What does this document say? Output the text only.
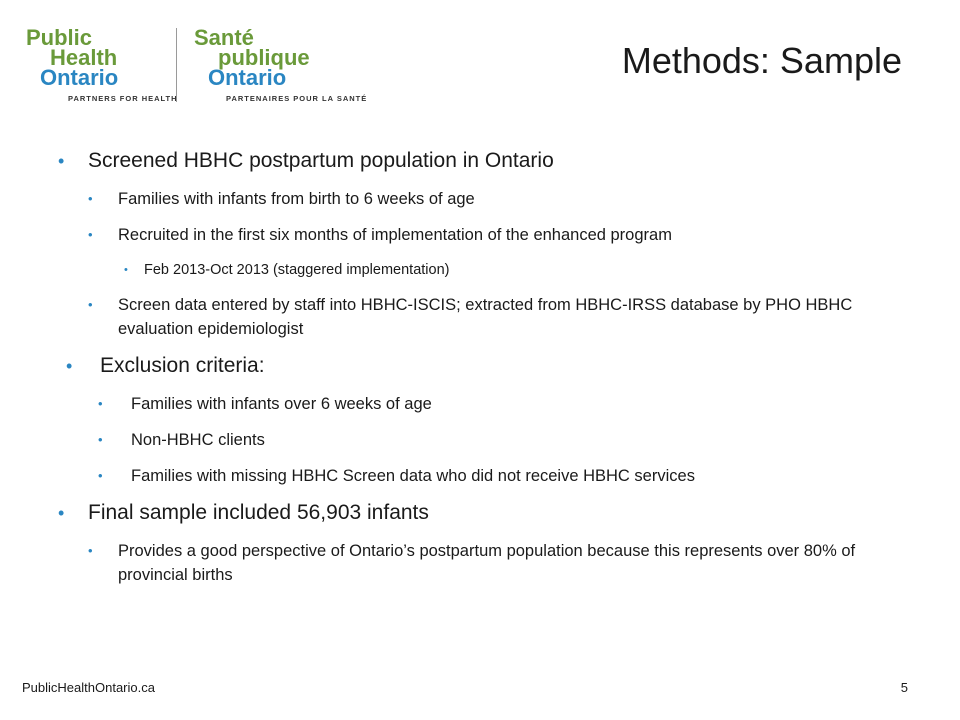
Public
Health
Ontario
Santé
publique
Ontario
PARTNERS FOR HEALTH	PARTENAIRES POUR LA SANTÉ
Methods: Sample
• Screened HBHC postpartum population in Ontario
• Families with infants from birth to 6 weeks of age
• Recruited in the first six months of implementation of the enhanced program
• Feb 2013-Oct 2013 (staggered implementation)
• Screen data entered by staff into HBHC-ISCIS; extracted from HBHC-IRSS database by PHO HBHC evaluation epidemiologist
• Exclusion criteria:
• Families with infants over 6 weeks of age
• Non-HBHC clients
• Families with missing HBHC Screen data who did not receive HBHC services
• Final sample included 56,903 infants
• Provides a good perspective of Ontario’s postpartum population because this represents over 80% of provincial births
PublicHealthOntario.ca	5
